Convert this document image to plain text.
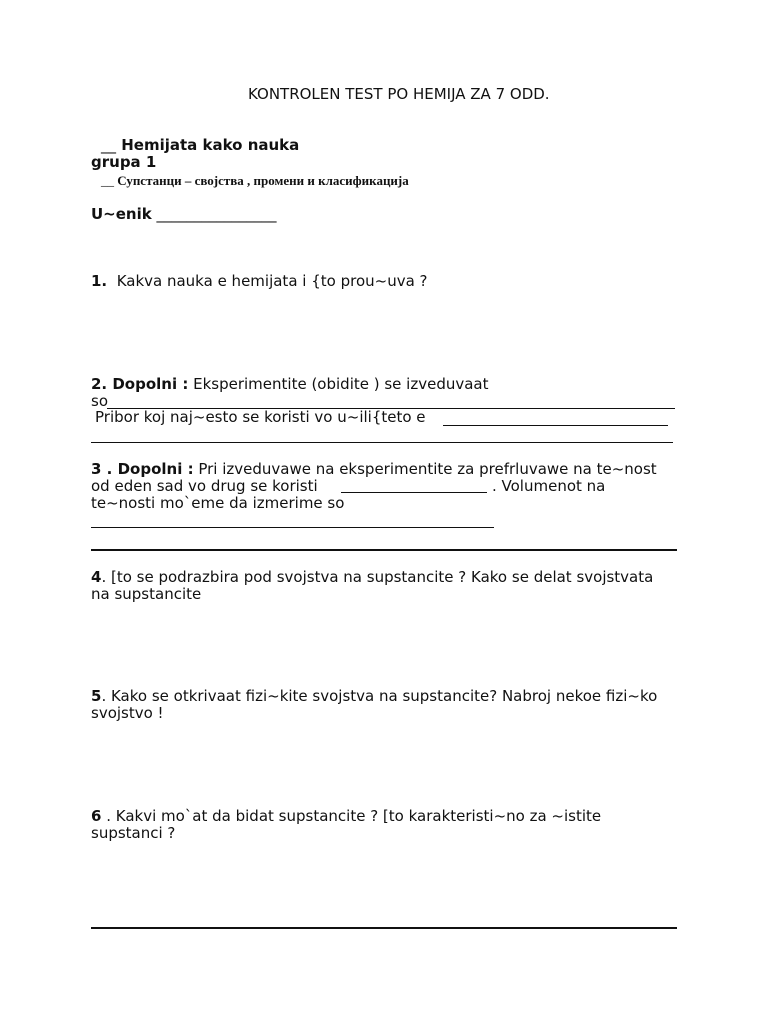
KONTROLEN TEST PO HEMIJA ZA 7 ODD.
__ Hemijata kako nauka
grupa 1
__ Супстанци – својства , промени и класификација
U~enik ________________
1. Kakva nauka e hemijata i {to prou~uva ?
2. Dopolni : Eksperimentite (obidite ) se izveduvaat
so
Pribor koj naj~esto se koristi vo u~ili{teto e
3 . Dopolni : Pri izveduvawe na eksperimentite za prefrluvawe na te~nost
od eden sad vo drug se koristi	. Volumenot na
te~nosti mo`eme da izmerime so
4. [to se podrazbira pod svojstva na supstancite ? Kako se delat svojstvata
na supstancite
5. Kako se otkrivaat fizi~kite svojstva na supstancite? Nabroj nekoe fizi~ko
svojstvo !
6 . Kakvi mo`at da bidat supstancite ? [to karakteristi~no za ~istite
supstanci ?
